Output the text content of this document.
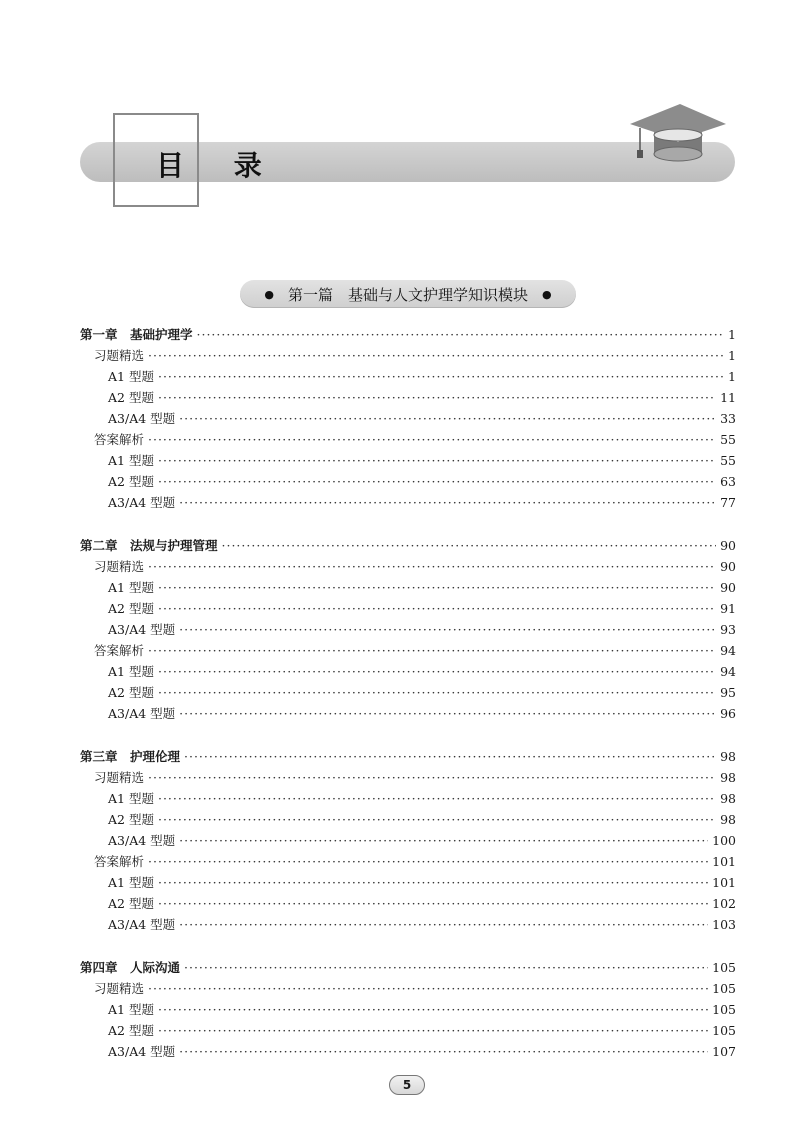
目 录
● 第一篇　基础与人文护理学知识模块 ●
第一章　基础护理学 ·····	1
习题精选 ·····	1
A1 型题 ·····	1
A2 型题 ·····	11
A3/A4 型题 ·····	33
答案解析 ·····	55
A1 型题 ·····	55
A2 型题 ·····	63
A3/A4 型题 ·····	77
第二章　法规与护理管理 ·····	90
习题精选 ·····	90
A1 型题 ·····	90
A2 型题 ·····	91
A3/A4 型题 ·····	93
答案解析 ·····	94
A1 型题 ·····	94
A2 型题 ·····	95
A3/A4 型题 ·····	96
第三章　护理伦理 ·····	98
习题精选 ·····	98
A1 型题 ·····	98
A2 型题 ·····	98
A3/A4 型题 ·····	100
答案解析 ·····	101
A1 型题 ·····	101
A2 型题 ·····	102
A3/A4 型题 ·····	103
第四章　人际沟通 ·····	105
习题精选 ·····	105
A1 型题 ·····	105
A2 型题 ·····	105
A3/A4 型题 ·····	107
5
